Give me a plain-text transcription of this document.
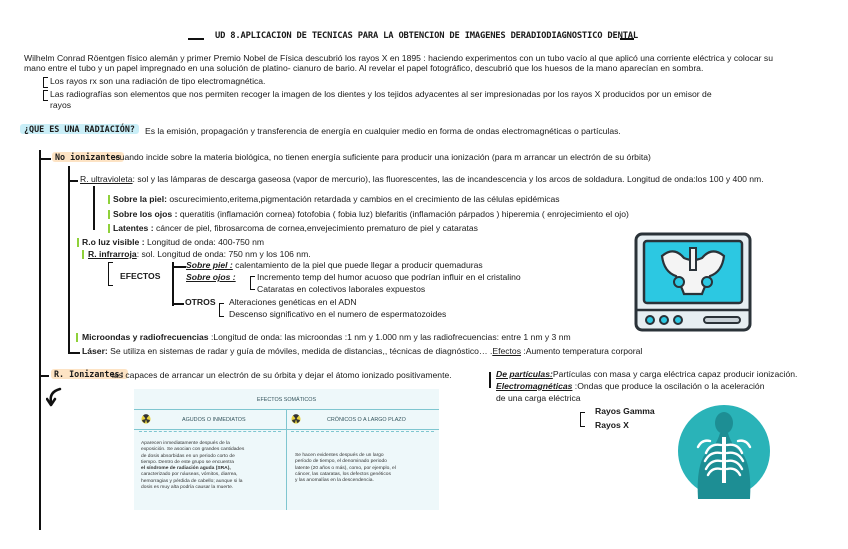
UD 8.APLICACION DE TECNICAS PARA LA OBTENCION DE IMAGENES DERADIODIAGNOSTICO DENTAL
Wilhelm Conrad Röentgen físico alemán y primer Premio Nobel de Física descubrió los rayos X en 1895 : haciendo experimentos con un tubo vacío al que aplicó una corriente eléctrica y colocar su
mano entre el tubo y un papel impregnado en una solución de platino- cianuro de bario. Al revelar el papel fotográfico, descubrió que los huesos de la mano aparecían en sombra.
Los rayos rx son una radiación de tipo electromagnética.
Las radiografías son elementos que nos permiten recoger la imagen de los dientes y los tejidos adyacentes al ser impresionadas por los rayos X producidos por un emisor de
rayos
¿QUE ES UNA RADIACIÓN?	Es la emisión, propagación y transferencia de energía en cualquier medio en forma de ondas electromagnéticas o partículas.
No ionizantes
:cuando incide sobre la materia biológica, no tienen energía suficiente para producir una ionización (para m arrancar un electrón de su órbita)
R. ultravioleta: sol y las lámparas de descarga gaseosa (vapor de mercurio), las fluorescentes, las de incandescencia y los arcos de soldadura. Longitud de onda:los 100 y 400 nm.
Sobre la piel: oscurecimiento,eritema,pigmentación retardada y cambios en el crecimiento de las células epidémicas
Sobre los ojos : queratitis (inflamación cornea) fotofobia ( fobia luz) blefaritis (inflamación párpados ) hiperemia ( enrojecimiento el ojo)
Latentes : cáncer de piel, fibrosarcoma de cornea,envejecimiento prematuro de piel y cataratas
R.o luz visible : Longitud de onda: 400-750 nm
R. infrarroja: sol. Longitud de onda: 750 nm y los 106 nm.
EFECTOS
Sobre piel : calentamiento de la piel que puede llegar a producir quemaduras
Sobre ojos : Incremento temp del humor acuoso que podrían influir en el cristalino
Cataratas en colectivos laborales expuestos
OTROS Alteraciones genéticas en el ADN
Descenso significativo en el numero de espermatozoides
Microondas y radiofrecuencias :Longitud de onda: las microondas :1 nm y 1.000 nm y las radiofrecuencias: entre 1 nm y 3 nm
Láser: Se utiliza en sistemas de radar y guía de móviles, medida de distancias,, técnicas de diagnóstico… .Efectos :Aumento temperatura corporal
R. Ionizantes:
las capaces de arrancar un electrón de su órbita y dejar el átomo ionizado positivamente.	De partículas:Partículas con masa y carga eléctrica capaz producir ionización.
Electromagnéticas :Ondas que produce la oscilación o la aceleración
de una carga eléctrica
Rayos Gamma
Rayos X
EFECTOS SOMÁTICOS
AGUDOS O INMEDIATOS	CRÓNICOS O A LARGO PLAZO
Aparecen inmediatamente después de la
exposición. Se asocian con grandes cantidades
de dosis absorbidas en un periodo corto de
tiempo. Dentro de este grupo se encuentra
el síndrome de radiación aguda (SRA),
caracterizado por náuseas, vómitos, diarrea,
hemorragias y pérdida de cabello; aunque si la
dosis es muy alta podría causar la muerte.
Se hacen evidentes después de un largo
período de tiempo, el denominado periodo
latente (20 años o más), como, por ejemplo, el
cáncer, las cataratas, los defectos genéticos
y las anomalías en la descendencia.
